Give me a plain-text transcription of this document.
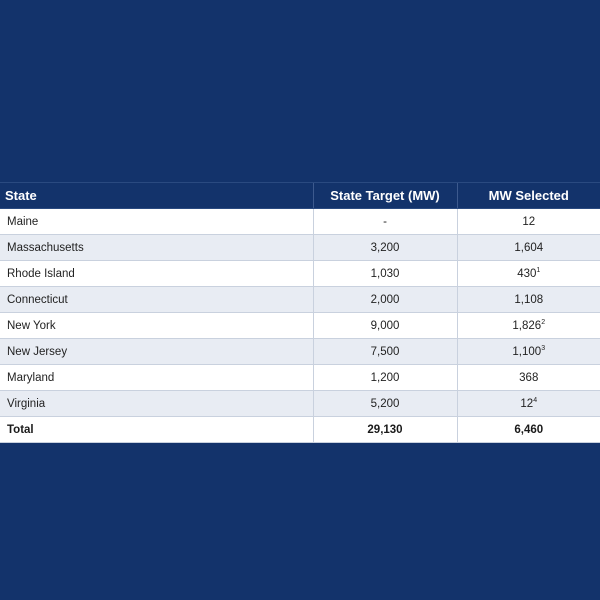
State	State Target (MW)	MW Selected
Maine	-	12
Massachusetts	3,200	1,604
Rhode Island	1,030	$430^1$
Connecticut	2,000	1,108
New York	9,000	1,826$^2$
New Jersey	7,500	1,100$^3$
Maryland	1,200	368
Virginia	5,200	$12^4$
Total	29,130	6,460
